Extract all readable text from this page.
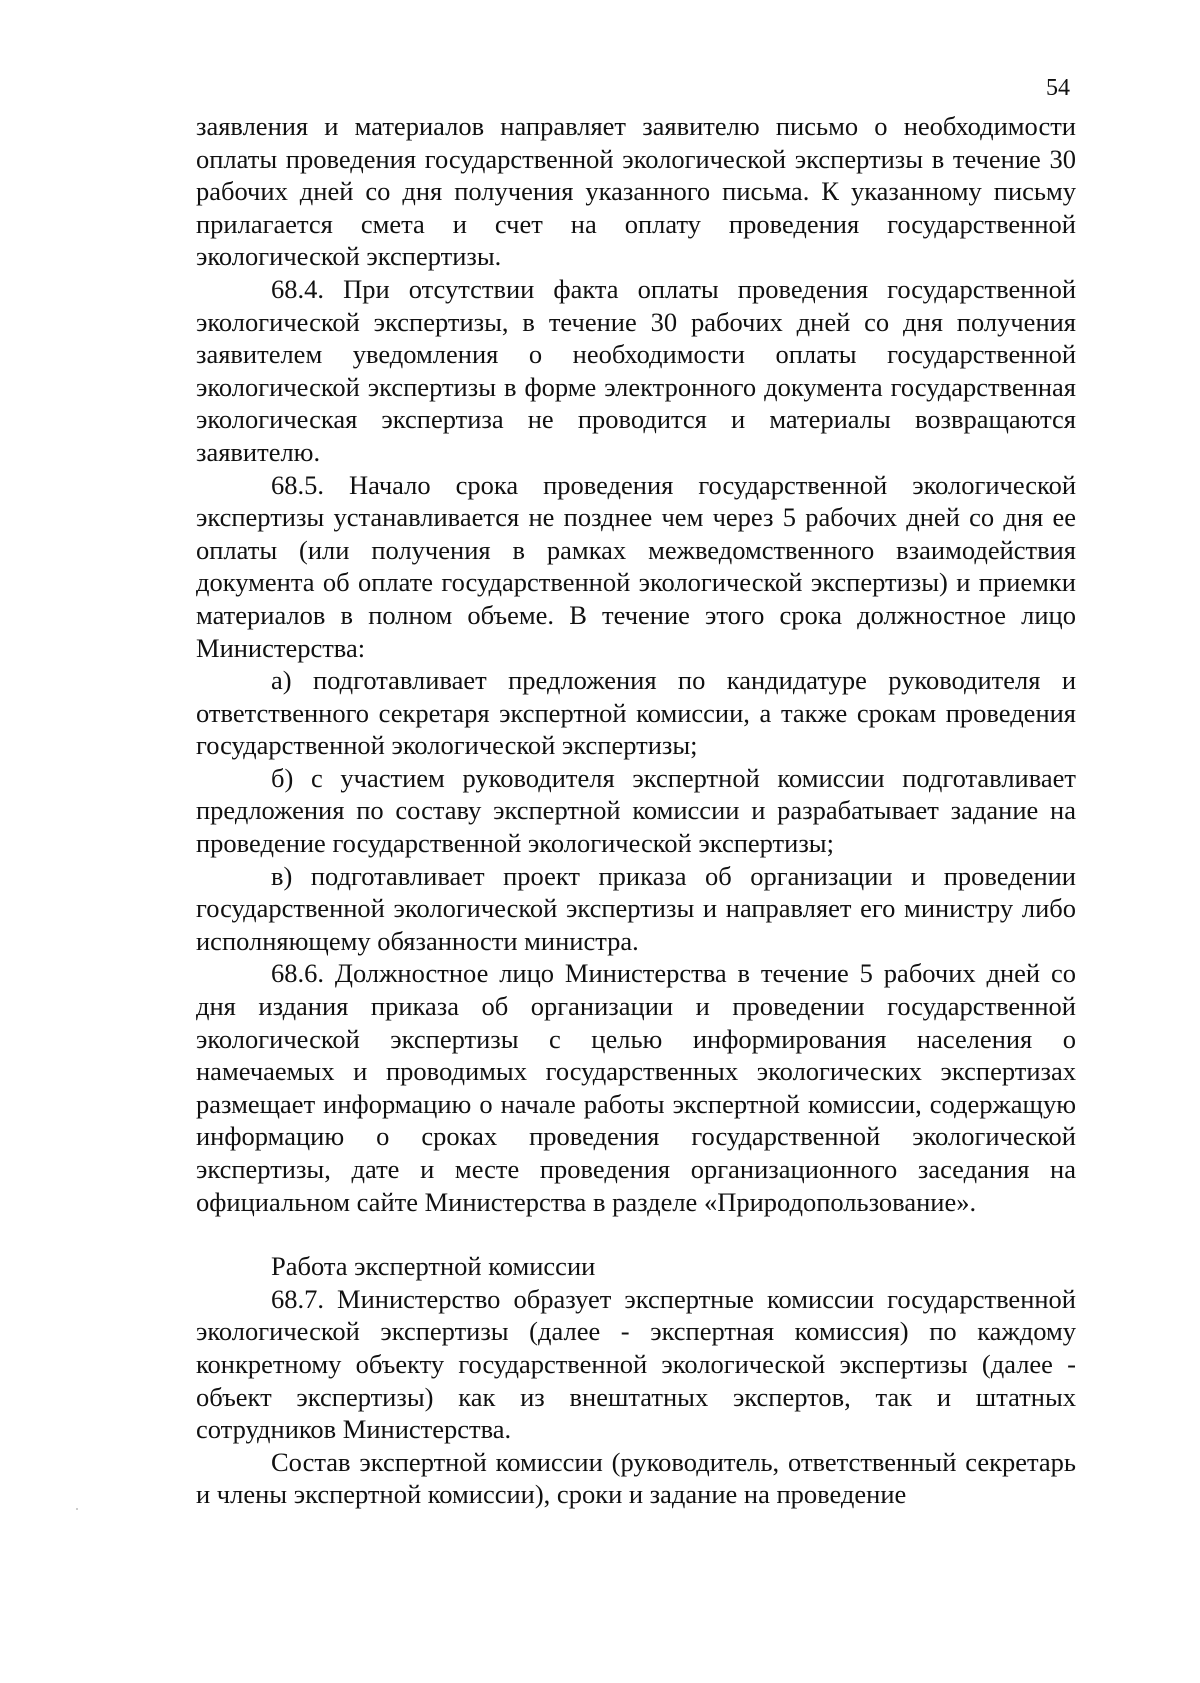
54

заявления и материалов направляет заявителю письмо о необходимости оплаты проведения государственной экологической экспертизы в течение 30 рабочих дней со дня получения указанного письма. К указанному письму прилагается смета и счет на оплату проведения государственной экологической экспертизы.

68.4. При отсутствии факта оплаты проведения государственной экологической экспертизы, в течение 30 рабочих дней со дня получения заявителем уведомления о необходимости оплаты государственной экологической экспертизы в форме электронного документа государственная экологическая экспертиза не проводится и материалы возвращаются заявителю.

68.5. Начало срока проведения государственной экологической экспертизы устанавливается не позднее чем через 5 рабочих дней со дня ее оплаты (или получения в рамках межведомственного взаимодействия документа об оплате государственной экологической экспертизы) и приемки материалов в полном объеме. В течение этого срока должностное лицо Министерства:

а) подготавливает предложения по кандидатуре руководителя и ответственного секретаря экспертной комиссии, а также срокам проведения государственной экологической экспертизы;

б) с участием руководителя экспертной комиссии подготавливает предложения по составу экспертной комиссии и разрабатывает задание на проведение государственной экологической экспертизы;

в) подготавливает проект приказа об организации и проведении государственной экологической экспертизы и направляет его министру либо исполняющему обязанности министра.

68.6. Должностное лицо Министерства в течение 5 рабочих дней со дня издания приказа об организации и проведении государственной экологической экспертизы с целью информирования населения о намечаемых и проводимых государственных экологических экспертизах размещает информацию о начале работы экспертной комиссии, содержащую информацию о сроках проведения государственной экологической экспертизы, дате и месте проведения организационного заседания на официальном сайте Министерства в разделе «Природопользование».

Работа экспертной комиссии

68.7. Министерство образует экспертные комиссии государственной экологической экспертизы (далее - экспертная комиссия) по каждому конкретному объекту государственной экологической экспертизы (далее - объект экспертизы) как из внештатных экспертов, так и штатных сотрудников Министерства.

Состав экспертной комиссии (руководитель, ответственный секретарь и члены экспертной комиссии), сроки и задание на проведение
